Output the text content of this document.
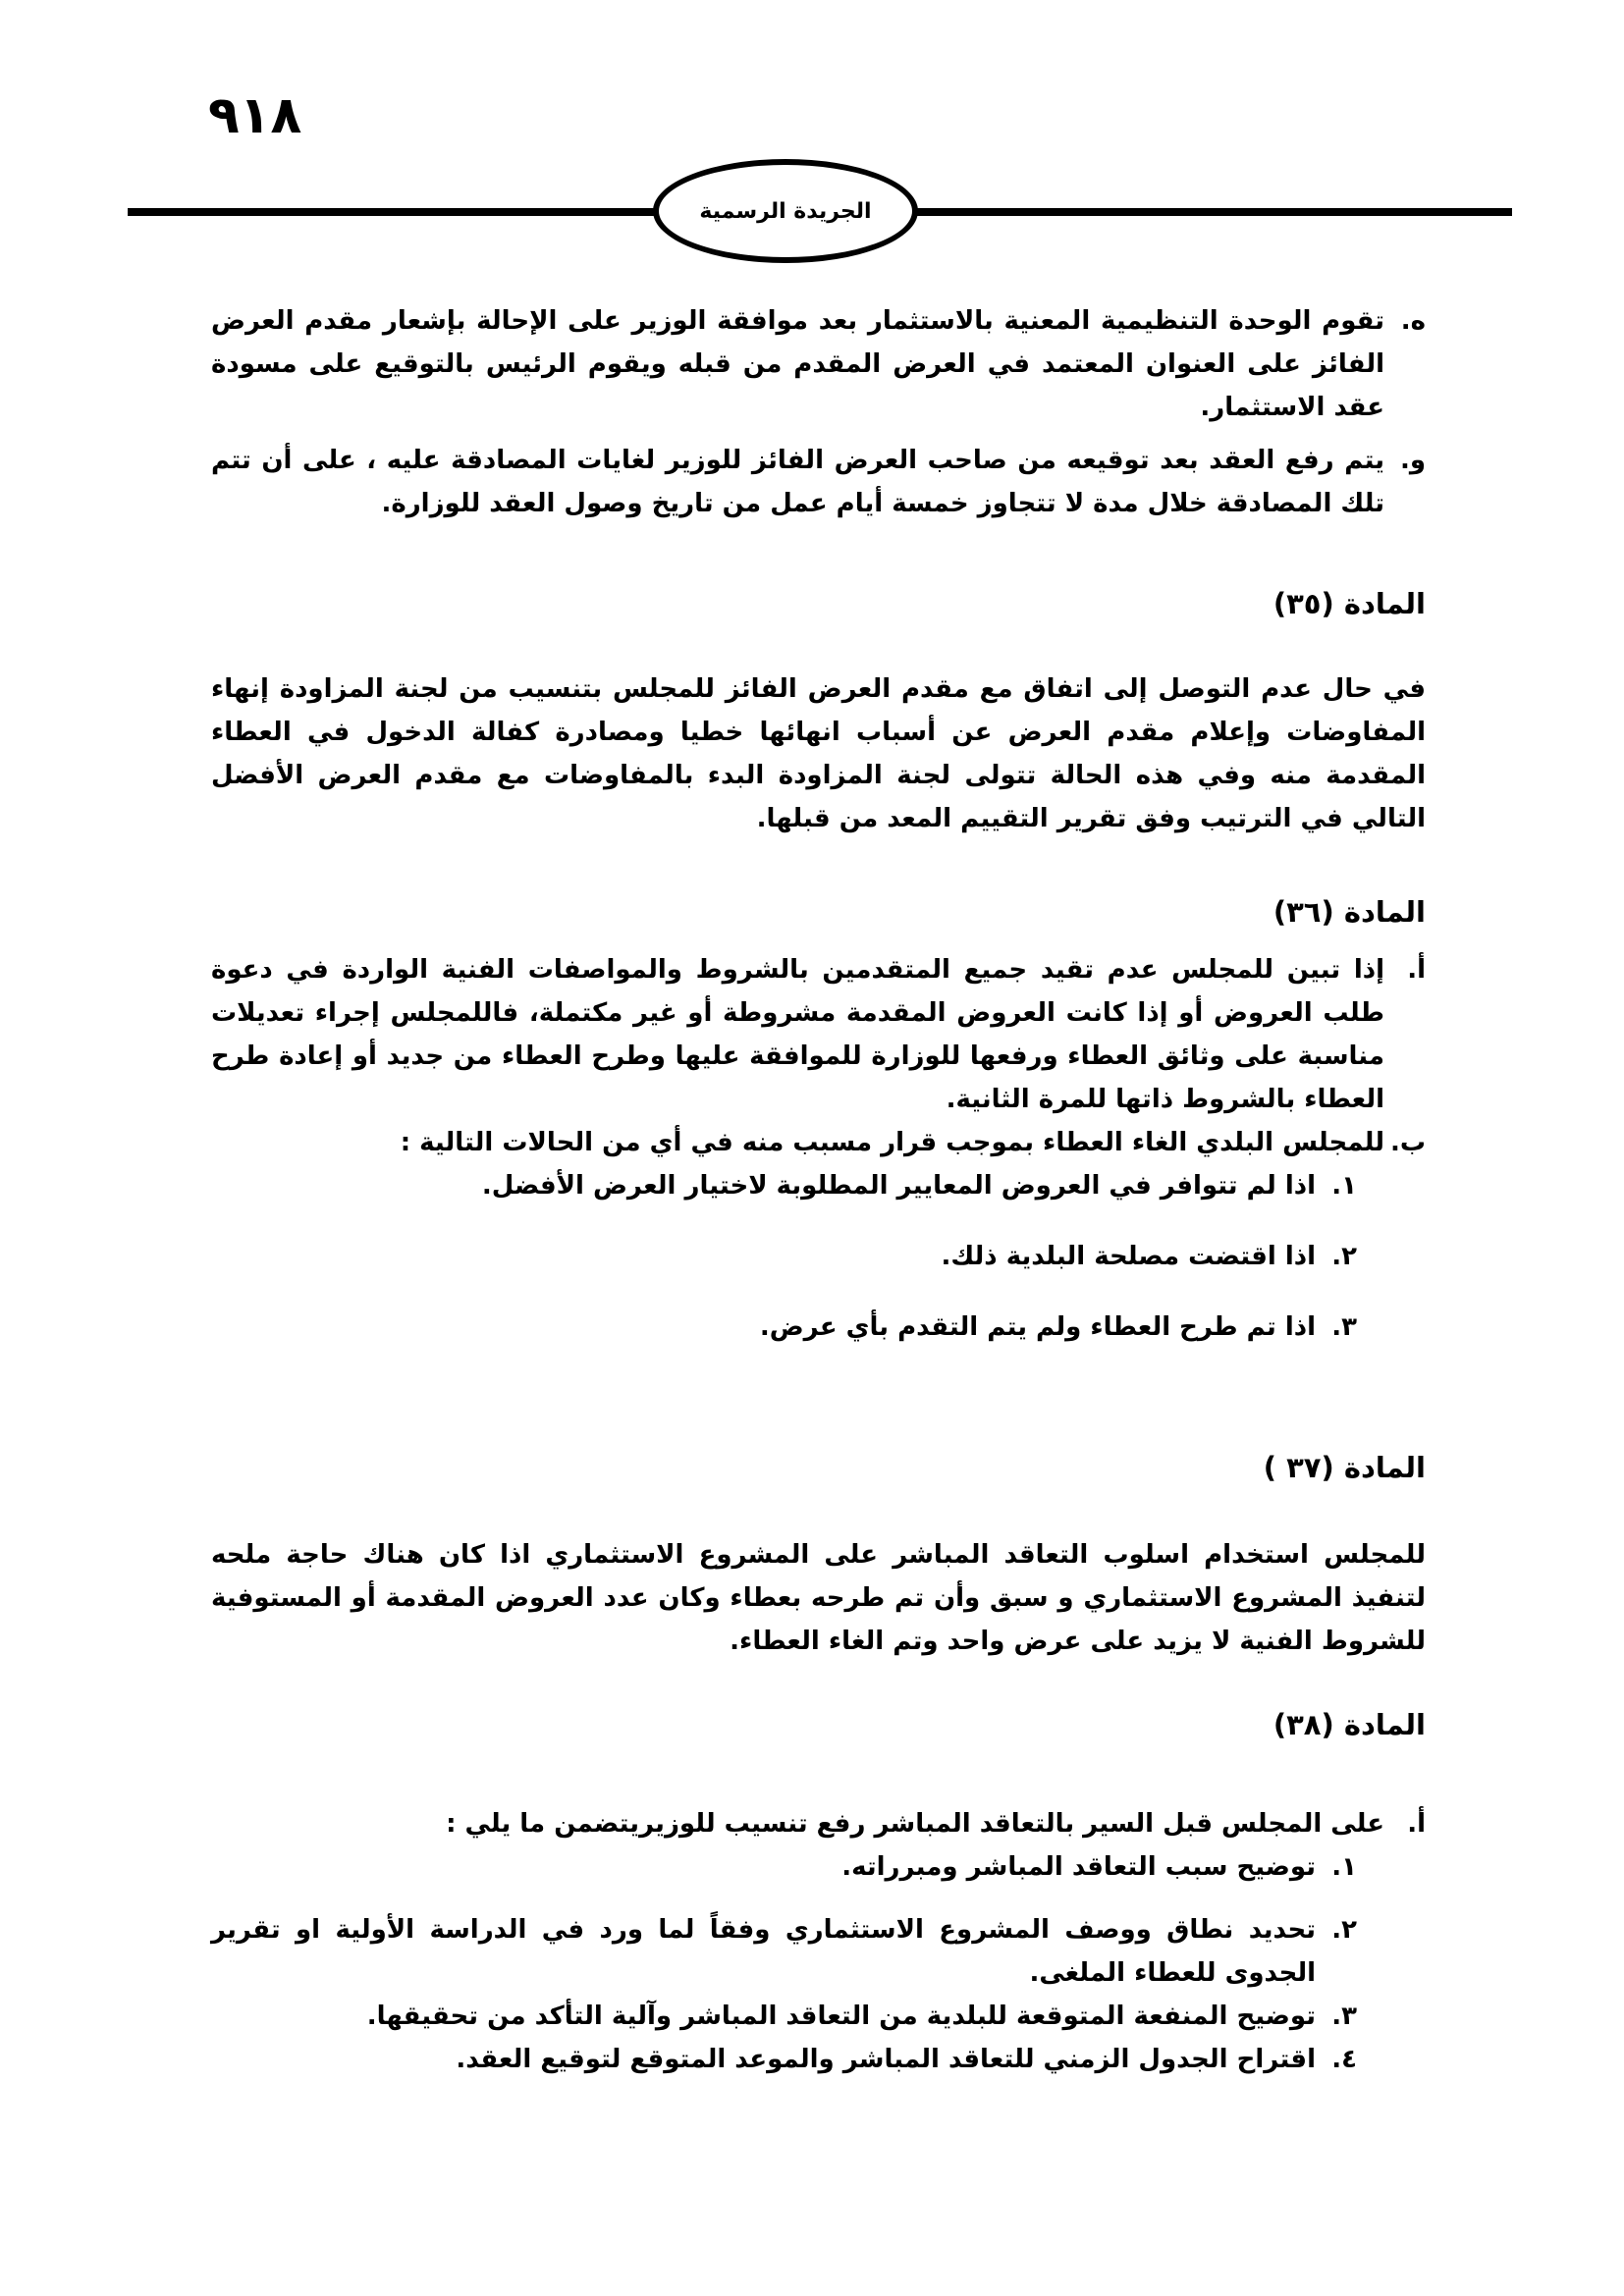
٩١٨
الجريدة الرسمية
ه.
تقوم الوحدة التنظيمية المعنية بالاستثمار بعد موافقة الوزير على الإحالة بإشعار مقدم العرض الفائز على العنوان المعتمد في العرض المقدم من قبله ويقوم الرئيس بالتوقيع على مسودة عقد الاستثمار.
و.
يتم رفع العقد بعد توقيعه من صاحب العرض الفائز للوزير لغايات المصادقة عليه ، على أن تتم تلك المصادقة خلال مدة لا تتجاوز خمسة أيام عمل من تاريخ وصول العقد للوزارة.
المادة (٣٥)
في حال عدم التوصل إلى اتفاق مع مقدم العرض الفائز للمجلس بتنسيب من لجنة المزاودة إنهاء المفاوضات وإعلام مقدم العرض عن أسباب انهائها خطيا ومصادرة كفالة الدخول في العطاء المقدمة منه وفي هذه الحالة تتولى لجنة المزاودة البدء بالمفاوضات مع مقدم العرض الأفضل التالي في الترتيب وفق تقرير التقييم المعد من قبلها.
المادة (٣٦)
أ.
إذا تبين للمجلس عدم تقيد جميع المتقدمين بالشروط والمواصفات الفنية الواردة في دعوة طلب العروض أو إذا كانت العروض المقدمة مشروطة أو غير مكتملة، فاللمجلس إجراء تعديلات مناسبة على وثائق العطاء ورفعها للوزارة للموافقة عليها وطرح العطاء من جديد أو إعادة طرح العطاء بالشروط ذاتها للمرة الثانية.
ب.
للمجلس البلدي الغاء العطاء بموجب قرار مسبب منه في أي من الحالات التالية :
١.
اذا لم تتوافر في العروض المعايير المطلوبة لاختيار العرض الأفضل.
٢.
اذا اقتضت مصلحة البلدية ذلك.
٣.
اذا تم طرح العطاء ولم يتم التقدم بأي عرض.
المادة (٣٧ )
للمجلس استخدام اسلوب التعاقد المباشر على المشروع الاستثماري اذا كان هناك حاجة ملحه لتنفيذ المشروع الاستثماري و سبق وأن تم طرحه بعطاء وكان عدد العروض المقدمة أو المستوفية للشروط الفنية لا يزيد على عرض واحد وتم الغاء العطاء.
المادة (٣٨)
أ.
على المجلس قبل السير بالتعاقد المباشر رفع تنسيب للوزيريتضمن ما يلي :
١.
توضيح سبب التعاقد المباشر ومبرراته.
٢.
تحديد نطاق ووصف المشروع الاستثماري وفقاً لما ورد في الدراسة الأولية او تقرير الجدوى للعطاء الملغى.
٣.
توضيح المنفعة المتوقعة للبلدية من التعاقد المباشر وآلية التأكد من تحقيقها.
٤.
اقتراح الجدول الزمني للتعاقد المباشر والموعد المتوقع لتوقيع العقد.
